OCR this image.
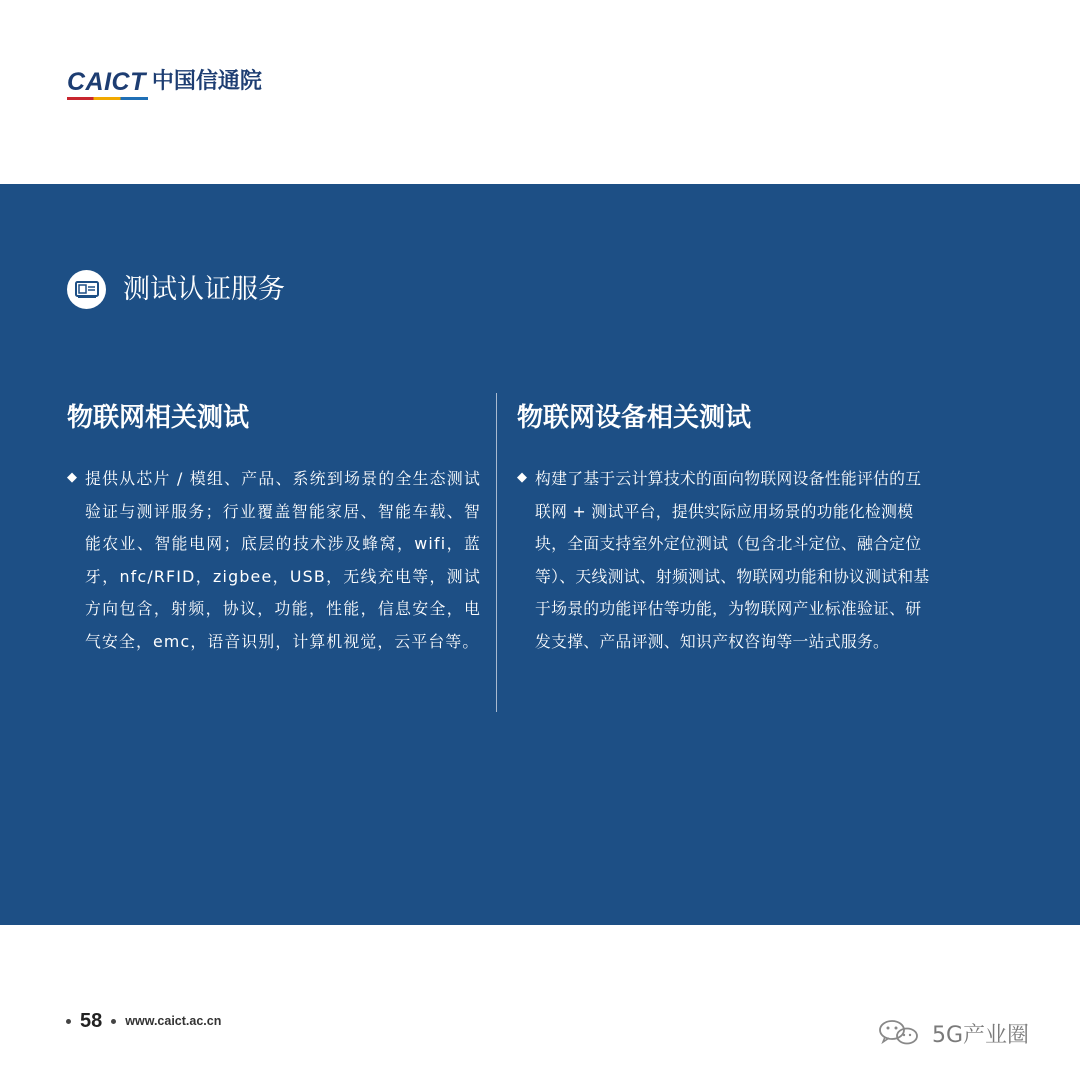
CAICT 中国信通院
测试认证服务
物联网相关测试
◆ 提供从芯片 / 模组、产品、系统到场景的全生态测试验证与测评服务；行业覆盖智能家居、智能车载、智能农业、智能电网；底层的技术涉及蜂窝，wifi，蓝牙，nfc/RFID，zigbee，USB，无线充电等，测试方向包含，射频，协议，功能，性能，信息安全，电气安全，emc，语音识别，计算机视觉，云平台等。
物联网设备相关测试
◆ 构建了基于云计算技术的面向物联网设备性能评估的互联网 + 测试平台，提供实际应用场景的功能化检测模块，全面支持室外定位测试（包含北斗定位、融合定位等）、天线测试、射频测试、物联网功能和协议测试和基于场景的功能评估等功能，为物联网产业标准验证、研发支撑、产品评测、知识产权咨询等一站式服务。
58 www.caict.ac.cn
5G产业圈
